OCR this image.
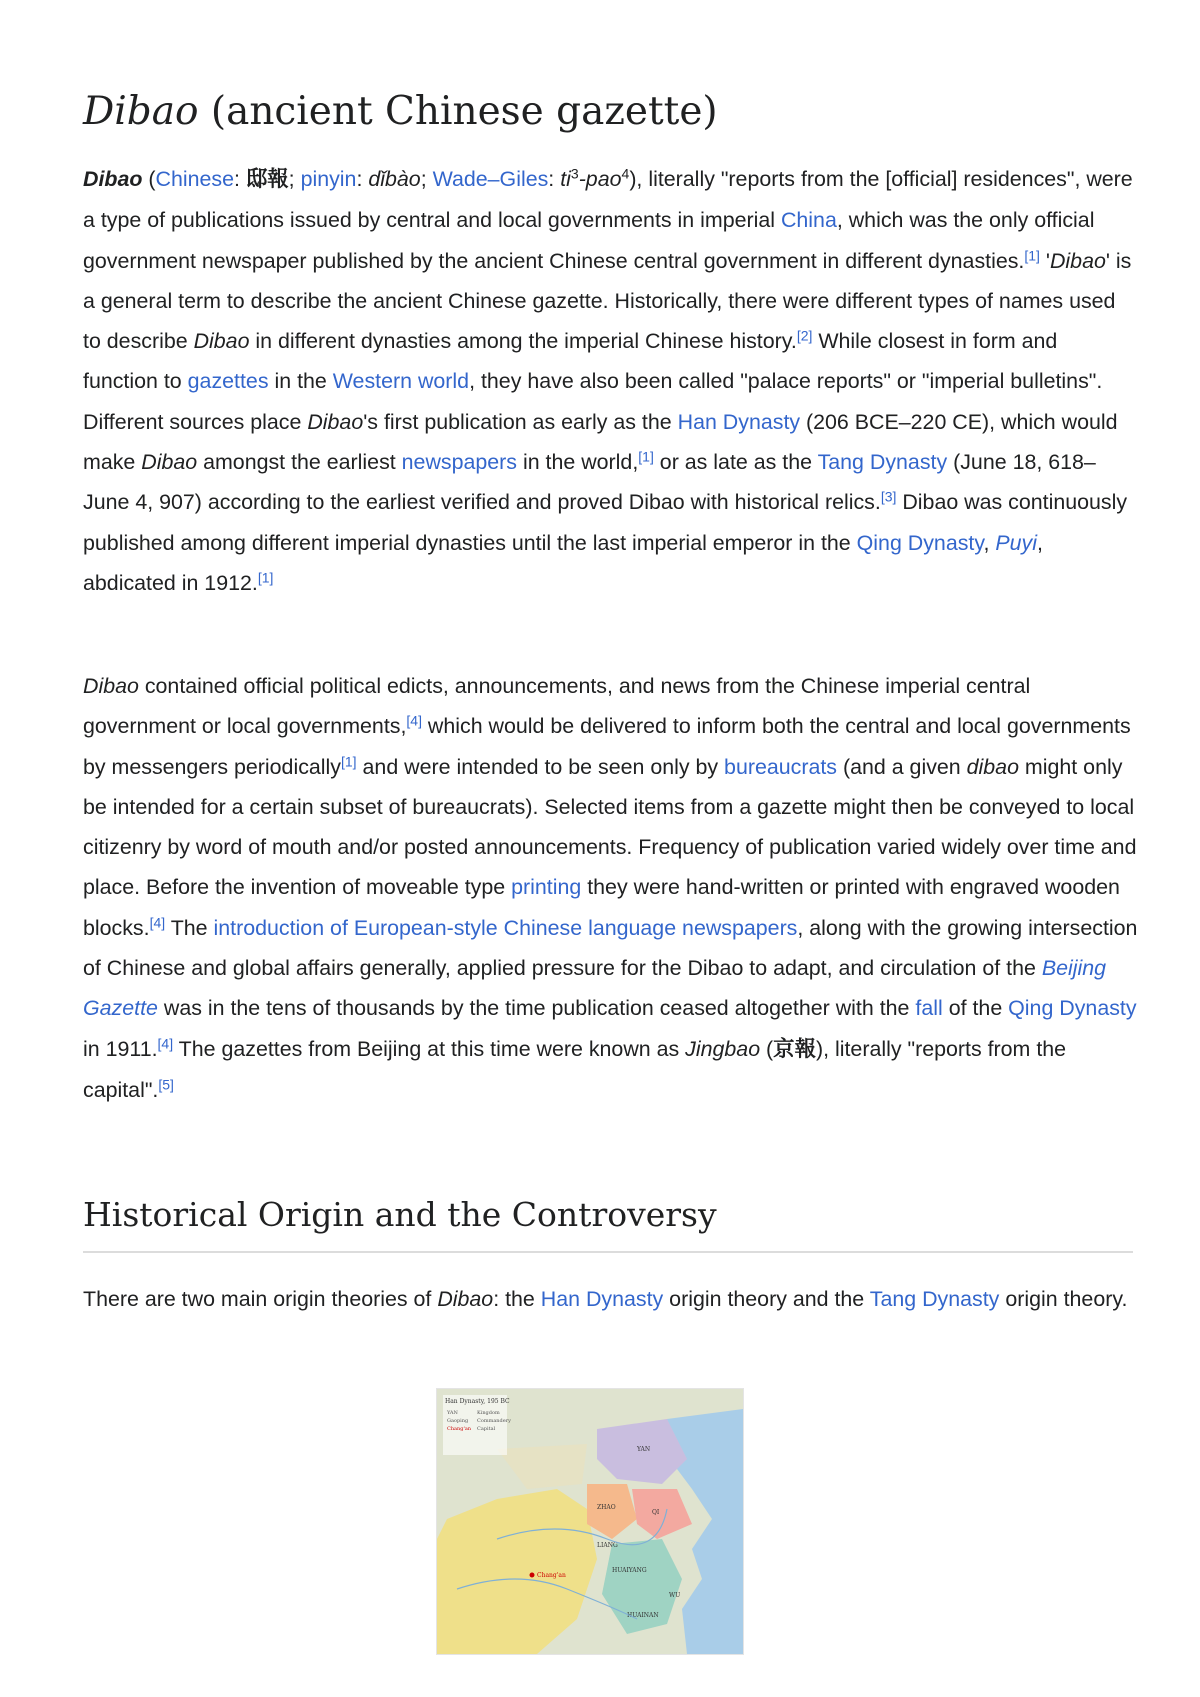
Dibao (ancient Chinese gazette)

Dibao (Chinese: 邸報; pinyin: dǐbào; Wade–Giles: $ti^3-pao^4$), literally "reports from the [official] residences", were a type of publications issued by central and local governments in imperial China, which was the only official government newspaper published by the ancient Chinese central government in different dynasties.[1] 'Dibao' is a general term to describe the ancient Chinese gazette. Historically, there were different types of names used to describe Dibao in different dynasties among the imperial Chinese history.[2] While closest in form and function to gazettes in the Western world, they have also been called "palace reports" or "imperial bulletins". Different sources place Dibao's first publication as early as the Han Dynasty (206 BCE–220 CE), which would make Dibao amongst the earliest newspapers in the world,[1] or as late as the Tang Dynasty (June 18, 618–June 4, 907) according to the earliest verified and proved Dibao with historical relics.[3] Dibao was continuously published among different imperial dynasties until the last imperial emperor in the Qing Dynasty, Puyi, abdicated in 1912.[1]

Dibao contained official political edicts, announcements, and news from the Chinese imperial central government or local governments,[4] which would be delivered to inform both the central and local governments by messengers periodically[1] and were intended to be seen only by bureaucrats (and a given dibao might only be intended for a certain subset of bureaucrats). Selected items from a gazette might then be conveyed to local citizenry by word of mouth and/or posted announcements. Frequency of publication varied widely over time and place. Before the invention of moveable type printing they were hand-written or printed with engraved wooden blocks.[4] The introduction of European-style Chinese language newspapers, along with the growing intersection of Chinese and global affairs generally, applied pressure for the Dibao to adapt, and circulation of the Beijing Gazette was in the tens of thousands by the time publication ceased altogether with the fall of the Qing Dynasty in 1911.[4] The gazettes from Beijing at this time were known as Jingbao (京報), literally "reports from the capital".[5]

Historical Origin and the Controversy

There are two main origin theories of Dibao: the Han Dynasty origin theory and the Tang Dynasty origin theory.

Han Dynasty, 195 BC
YAN
Gaoping
Chang'an
Kingdom
Commandery
Capital
YAN
ZHAO
QI
LIANG
HUAIYANG
WU
HUAINAN
Chang'an
